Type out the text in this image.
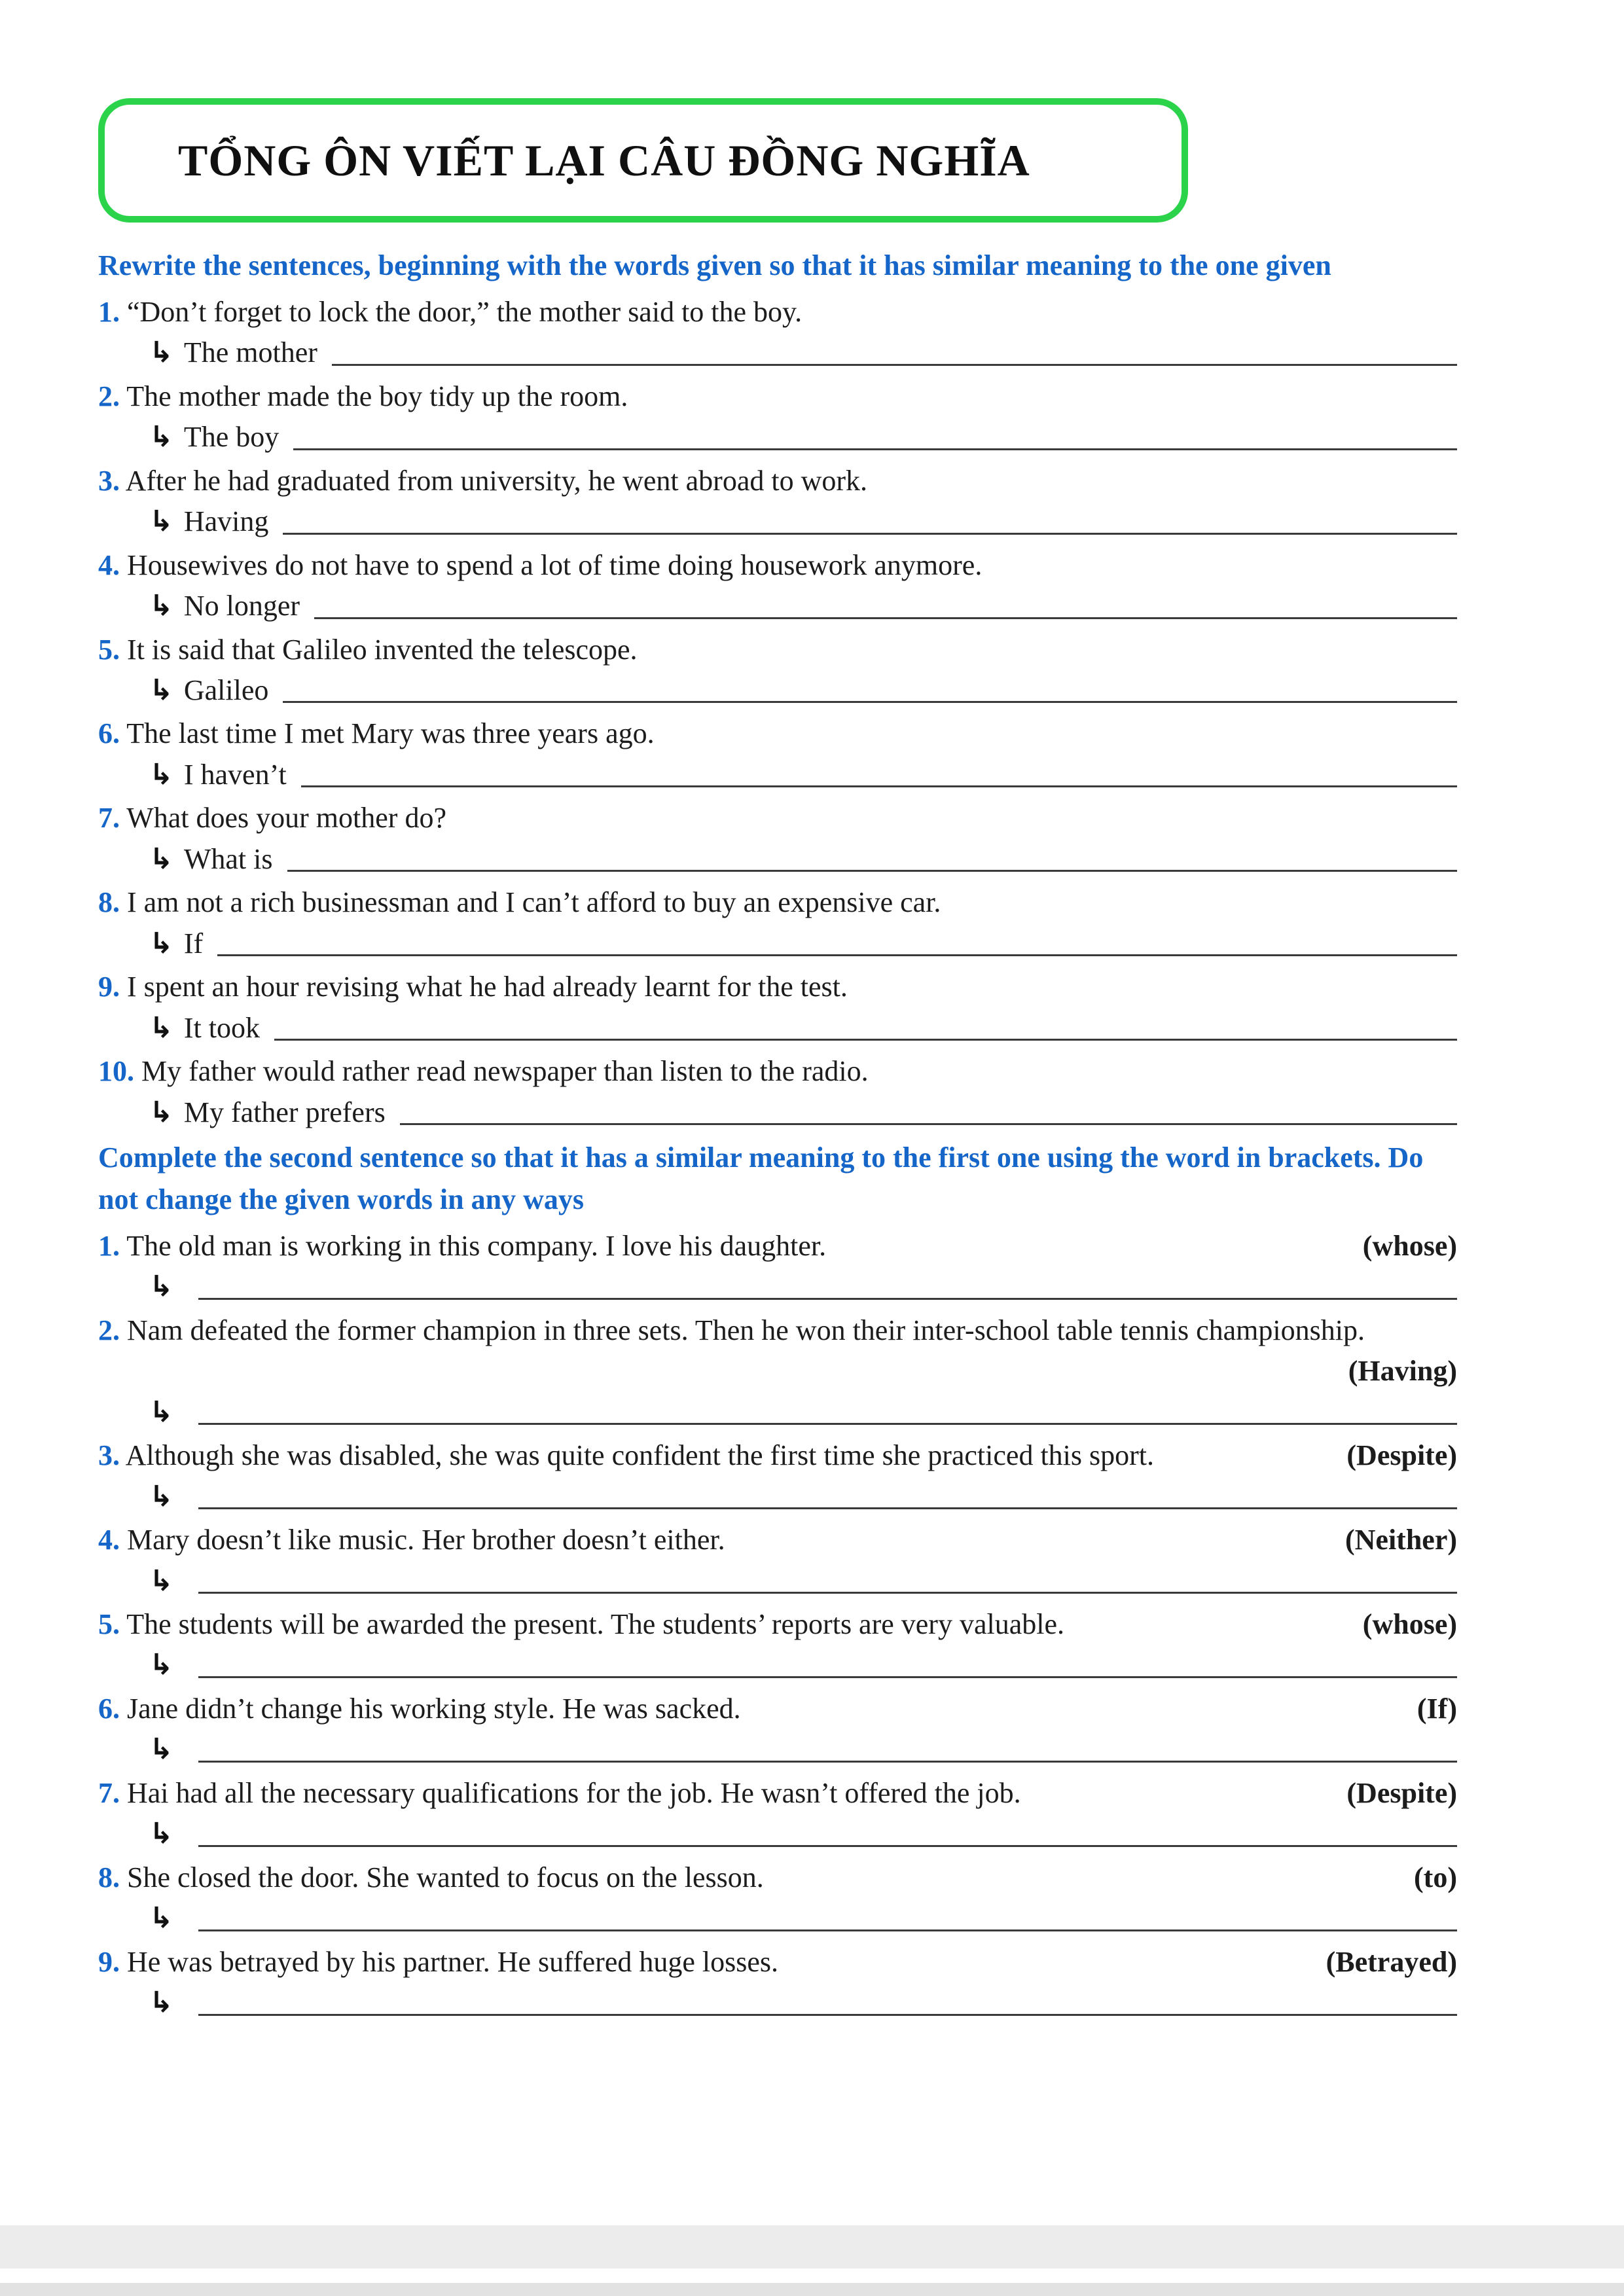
TỔNG ÔN VIẾT LẠI CÂU ĐỒNG NGHĨA

Rewrite the sentences, beginning with the words given so that it has similar meaning to the one given

1. “Don’t forget to lock the door,” the mother said to the boy.

↳ The mother

2. The mother made the boy tidy up the room.

↳ The boy

3. After he had graduated from university, he went abroad to work.

↳ Having

4. Housewives do not have to spend a lot of time doing housework anymore.

↳ No longer

5. It is said that Galileo invented the telescope.

↳ Galileo

6. The last time I met Mary was three years ago.

↳ I haven’t

7. What does your mother do?

↳ What is

8. I am not a rich businessman and I can’t afford to buy an expensive car.

↳ If

9. I spent an hour revising what he had already learnt for the test.

↳ It took

10. My father would rather read newspaper than listen to the radio.

↳ My father prefers

Complete the second sentence so that it has a similar meaning to the first one using the word in brackets. Do not change the given words in any ways

1. The old man is working in this company. I love his daughter.	(whose)

↳

2. Nam defeated the former champion in three sets. Then he won their inter-school table tennis championship.
(Having)

↳

3. Although she was disabled, she was quite confident the first time she practiced this sport.	(Despite)

↳

4. Mary doesn’t like music. Her brother doesn’t either.	(Neither)

↳

5. The students will be awarded the present. The students’ reports are very valuable.	(whose)

↳

6. Jane didn’t change his working style. He was sacked.	(If)

↳

7. Hai had all the necessary qualifications for the job. He wasn’t offered the job.	(Despite)

↳

8. She closed the door. She wanted to focus on the lesson.	(to)

↳

9. He was betrayed by his partner. He suffered huge losses.	(Betrayed)

↳
